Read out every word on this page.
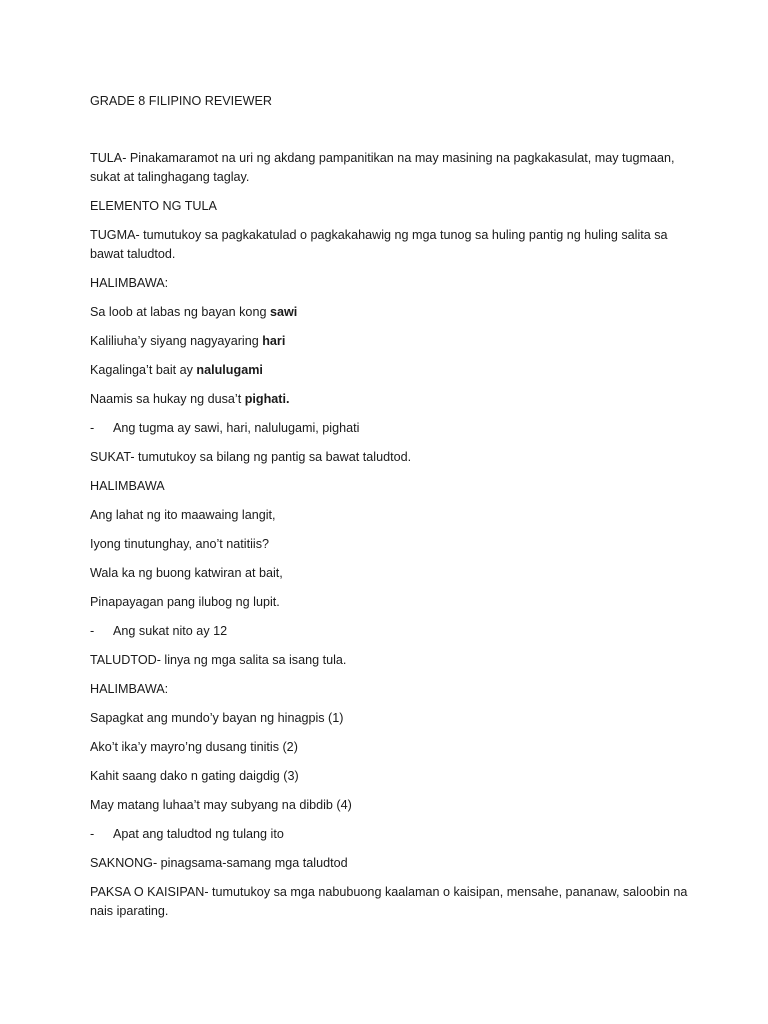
GRADE 8 FILIPINO REVIEWER

TULA- Pinakamaramot na uri ng akdang pampanitikan na may masining na pagkakasulat, may tugmaan, sukat at talinghagang taglay.

ELEMENTO NG TULA

TUGMA- tumutukoy sa pagkakatulad o pagkakahawig ng mga tunog sa huling pantig ng huling salita sa bawat taludtod.

HALIMBAWA:

Sa loob at labas ng bayan kong sawi

Kaliliuha’y siyang nagyayaring hari

Kagalinga’t bait ay nalulugami

Naamis sa hukay ng dusa’t pighati.

-	Ang tugma ay sawi, hari, nalulugami, pighati

SUKAT- tumutukoy sa bilang ng pantig sa bawat taludtod.

HALIMBAWA

Ang lahat ng ito maawaing langit,

Iyong tinutunghay, ano’t natitiis?

Wala ka ng buong katwiran at bait,

Pinapayagan pang ilubog ng lupit.

-	Ang sukat nito ay 12

TALUDTOD- linya ng mga salita sa isang tula.

HALIMBAWA:

Sapagkat ang mundo’y bayan ng hinagpis (1)

Ako’t ika’y mayro’ng dusang tinitis (2)

Kahit saang dako n gating daigdig (3)

May matang luhaa’t may subyang na dibdib (4)

-	Apat ang taludtod ng tulang ito

SAKNONG- pinagsama-samang mga taludtod

PAKSA O KAISIPAN- tumutukoy sa mga nabubuong kaalaman o kaisipan, mensahe, pananaw, saloobin na nais iparating.
